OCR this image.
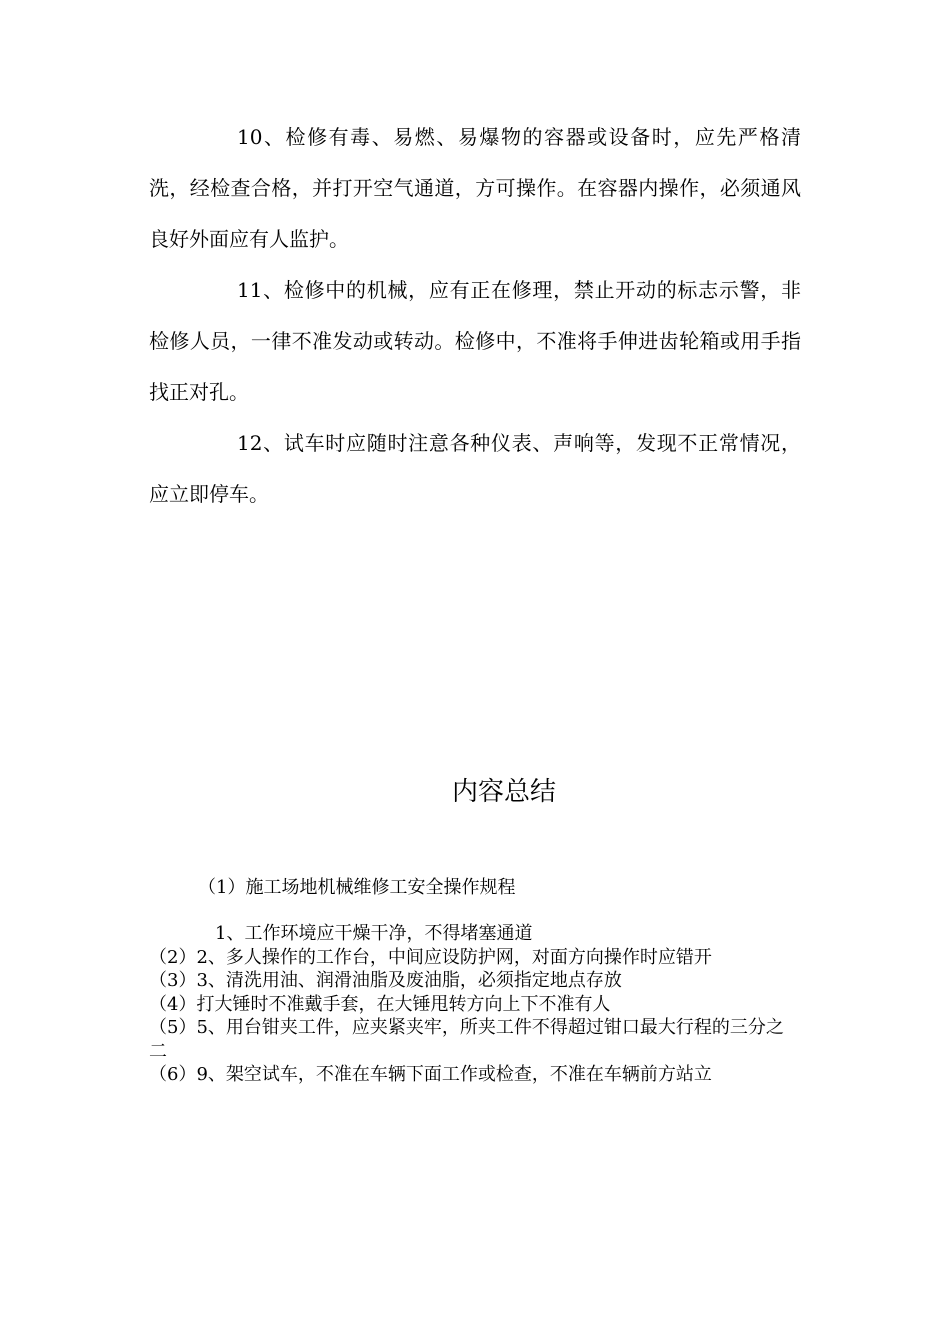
10、检修有毒、易燃、易爆物的容器或设备时，应先严格清洗，经检查合格，并打开空气通道，方可操作。在容器内操作，必须通风良好外面应有人监护。

11、检修中的机械，应有正在修理，禁止开动的标志示警，非检修人员，一律不准发动或转动。检修中，不准将手伸进齿轮箱或用手指找正对孔。

12、试车时应随时注意各种仪表、声响等，发现不正常情况，应立即停车。

内容总结
（1）施工场地机械维修工安全操作规程

1、工作环境应干燥干净，不得堵塞通道

（2）2、多人操作的工作台，中间应设防护网，对面方向操作时应错开

（3）3、清洗用油、润滑油脂及废油脂，必须指定地点存放

（4）打大锤时不准戴手套，在大锤甩转方向上下不准有人

（5）5、用台钳夹工件，应夹紧夹牢，所夹工件不得超过钳口最大行程的三分之二

（6）9、架空试车，不准在车辆下面工作或检查，不准在车辆前方站立
